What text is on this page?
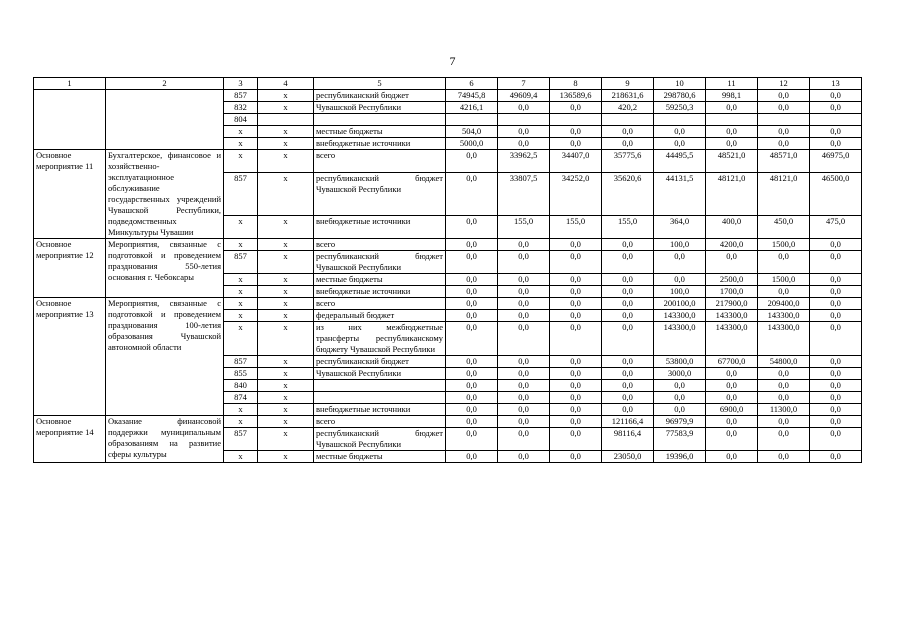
7
1	2	3	4	5	6	7	8	9	10	11	12	13
		857	x	республиканский бюджет	74945,8	49609,4	136589,6	218631,6	298780,6	998,1	0,0	0,0
		832	x	Чувашской Республики	4216,1	0,0	0,0	420,2	59250,3	0,0	0,0	0,0
		804										
		x	x	местные бюджеты	504,0	0,0	0,0	0,0	0,0	0,0	0,0	0,0
		x	x	внебюджетные источники	5000,0	0,0	0,0	0,0	0,0	0,0	0,0	0,0
Основное мероприятие 11	Бухгалтерское, финансовое и хозяйственно-эксплуатационное обслуживание государственных учреждений Чувашской Республики, подведомственных Минкультуры Чувашии	x	x	всего	0,0	33962,5	34407,0	35775,6	44495,5	48521,0	48571,0	46975,0
		857	x	республиканский бюджет Чувашской Республики	0,0	33807,5	34252,0	35620,6	44131,5	48121,0	48121,0	46500,0
		x	x	внебюджетные источники	0,0	155,0	155,0	155,0	364,0	400,0	450,0	475,0
Основное мероприятие 12	Мероприятия, связанные с подготовкой и проведением празднования 550-летия основания г. Чебоксары	x	x	всего	0,0	0,0	0,0	0,0	100,0	4200,0	1500,0	0,0
		857	x	республиканский бюджет Чувашской Республики	0,0	0,0	0,0	0,0	0,0	0,0	0,0	0,0
		x	x	местные бюджеты	0,0	0,0	0,0	0,0	0,0	2500,0	1500,0	0,0
		x	x	внебюджетные источники	0,0	0,0	0,0	0,0	100,0	1700,0	0,0	0,0
Основное мероприятие 13	Мероприятия, связанные с подготовкой и проведением празднования 100-летия образования Чувашской автономной области	x	x	всего	0,0	0,0	0,0	0,0	200100,0	217900,0	209400,0	0,0
		x	x	федеральный бюджет	0,0	0,0	0,0	0,0	143300,0	143300,0	143300,0	0,0
		x	x	из них межбюджетные трансферты республиканскому бюджету Чувашской Республики	0,0	0,0	0,0	0,0	143300,0	143300,0	143300,0	0,0
		857	x	республиканский бюджет	0,0	0,0	0,0	0,0	53800,0	67700,0	54800,0	0,0
		855	x	Чувашской Республики	0,0	0,0	0,0	0,0	3000,0	0,0	0,0	0,0
		840	x		0,0	0,0	0,0	0,0	0,0	0,0	0,0	0,0
		874	x		0,0	0,0	0,0	0,0	0,0	0,0	0,0	0,0
		x	x	внебюджетные источники	0,0	0,0	0,0	0,0	0,0	6900,0	11300,0	0,0
Основное мероприятие 14	Оказание финансовой поддержки муниципальным образованиям на развитие сферы культуры	x	x	всего	0,0	0,0	0,0	121166,4	96979,9	0,0	0,0	0,0
		857	x	республиканский бюджет Чувашской Республики	0,0	0,0	0,0	98116,4	77583,9	0,0	0,0	0,0
		x	x	местные бюджеты	0,0	0,0	0,0	23050,0	19396,0	0,0	0,0	0,0
